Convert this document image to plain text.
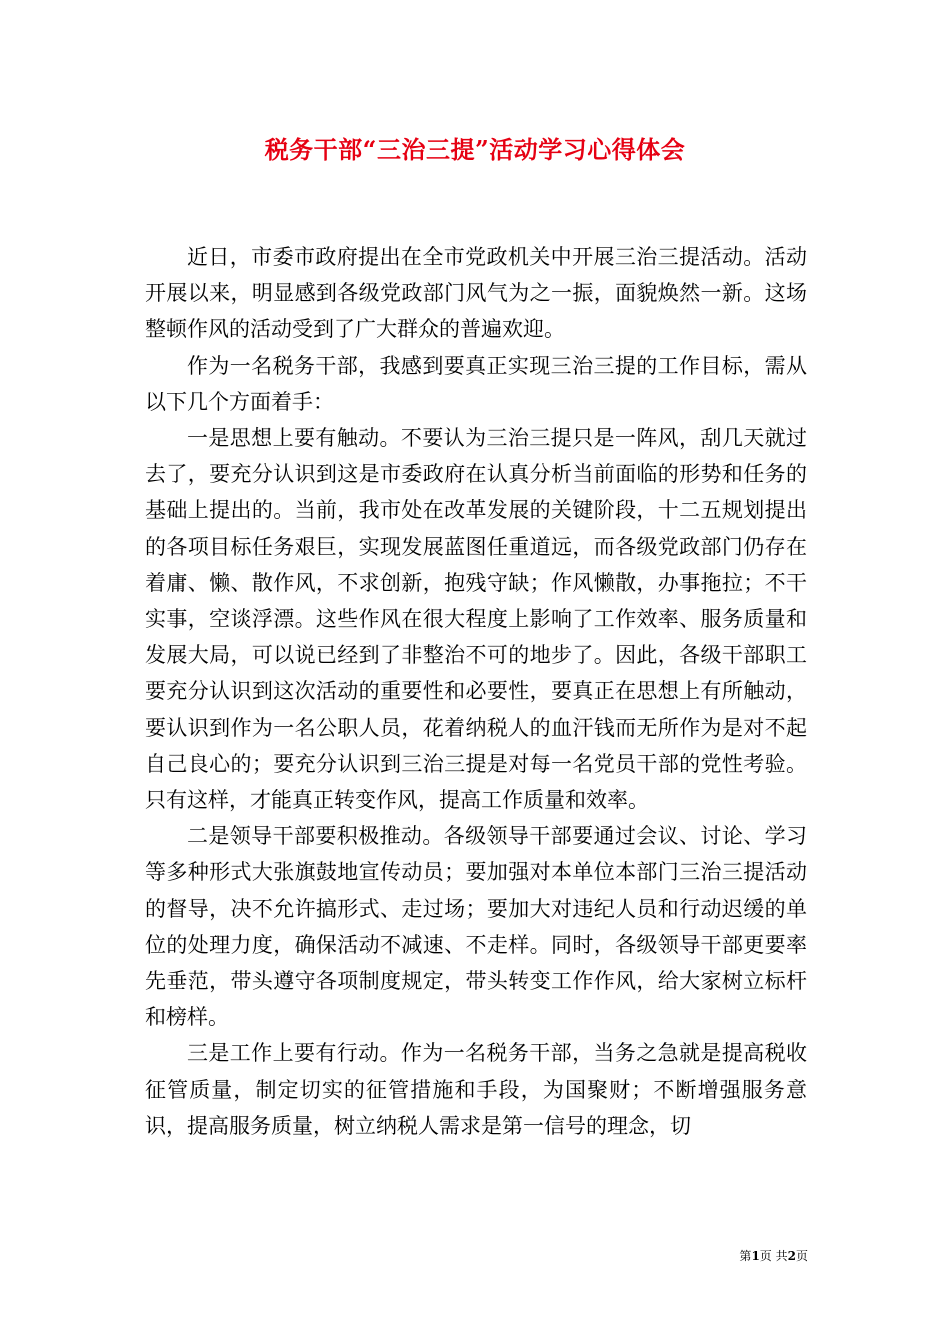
税务干部“三治三提”活动学习心得体会

近日，市委市政府提出在全市党政机关中开展三治三提活动。活动开展以来，明显感到各级党政部门风气为之一振，面貌焕然一新。这场整顿作风的活动受到了广大群众的普遍欢迎。

作为一名税务干部，我感到要真正实现三治三提的工作目标，需从以下几个方面着手：

一是思想上要有触动。不要认为三治三提只是一阵风，刮几天就过去了，要充分认识到这是市委政府在认真分析当前面临的形势和任务的基础上提出的。当前，我市处在改革发展的关键阶段，十二五规划提出的各项目标任务艰巨，实现发展蓝图任重道远，而各级党政部门仍存在着庸、懒、散作风，不求创新，抱残守缺；作风懒散，办事拖拉；不干实事，空谈浮漂。这些作风在很大程度上影响了工作效率、服务质量和发展大局，可以说已经到了非整治不可的地步了。因此，各级干部职工要充分认识到这次活动的重要性和必要性，要真正在思想上有所触动，要认识到作为一名公职人员，花着纳税人的血汗钱而无所作为是对不起自己良心的；要充分认识到三治三提是对每一名党员干部的党性考验。只有这样，才能真正转变作风，提高工作质量和效率。

二是领导干部要积极推动。各级领导干部要通过会议、讨论、学习等多种形式大张旗鼓地宣传动员；要加强对本单位本部门三治三提活动的督导，决不允许搞形式、走过场；要加大对违纪人员和行动迟缓的单位的处理力度，确保活动不减速、不走样。同时，各级领导干部更要率先垂范，带头遵守各项制度规定，带头转变工作作风，给大家树立标杆和榜样。

三是工作上要有行动。作为一名税务干部，当务之急就是提高税收征管质量，制定切实的征管措施和手段，为国聚财；不断增强服务意识，提高服务质量，树立纳税人需求是第一信号的理念，切

第1页 共2页
